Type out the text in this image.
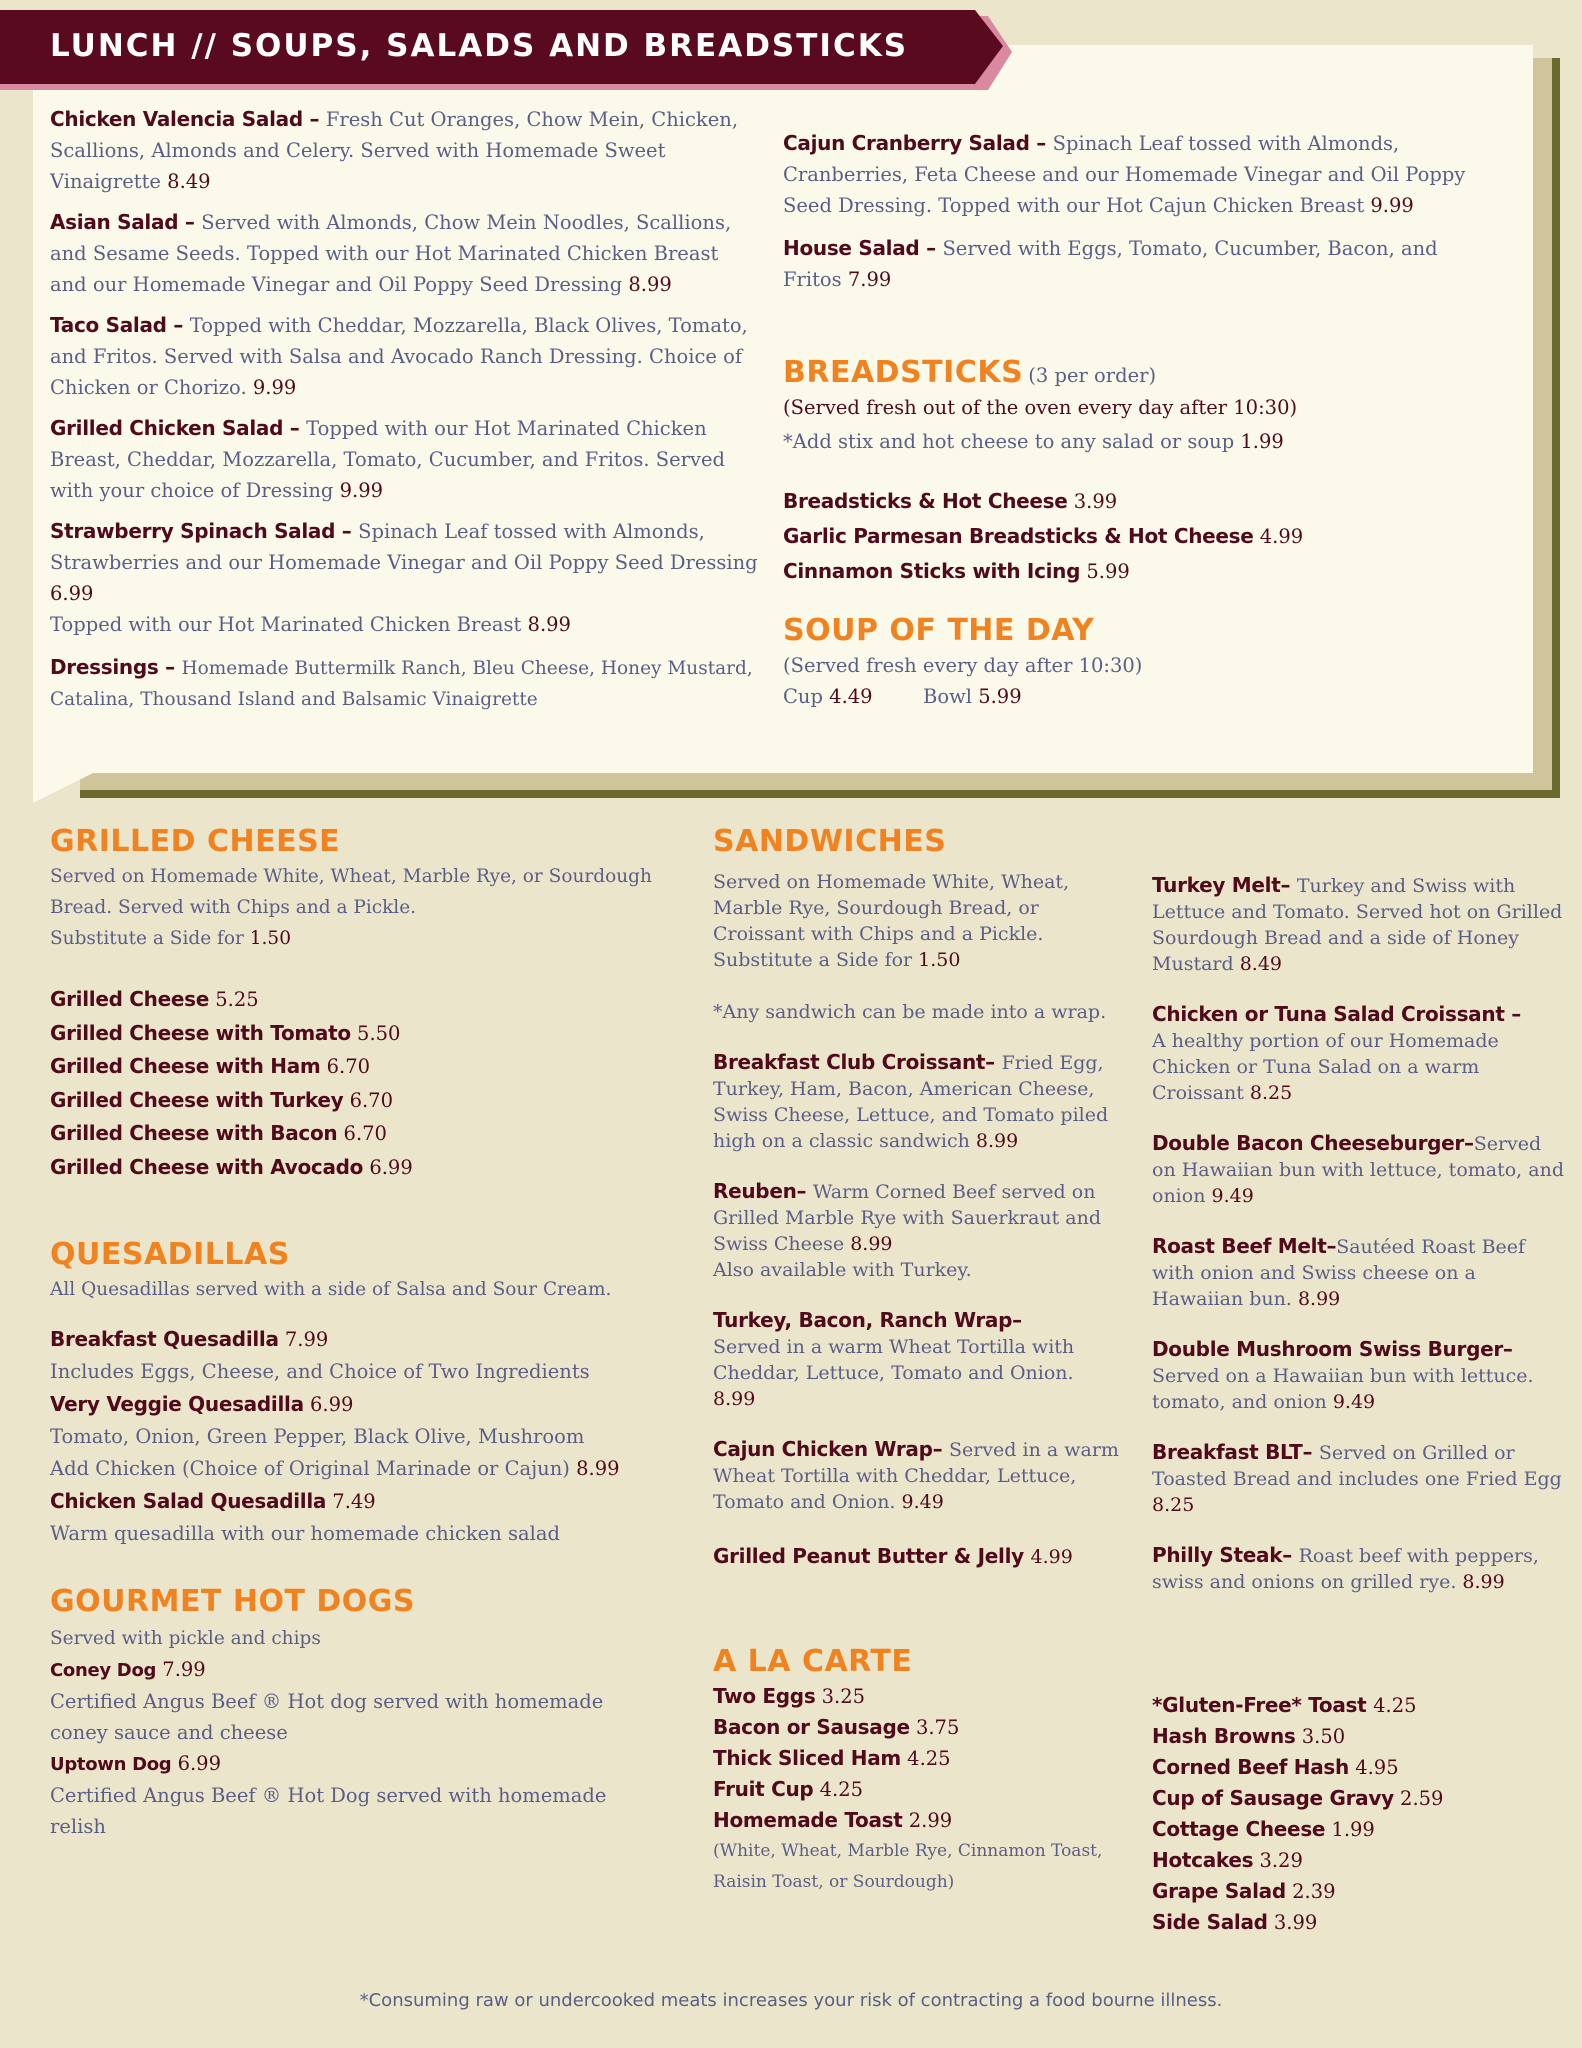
LUNCH // SOUPS, SALADS AND BREADSTICKS
Chicken Valencia Salad – Fresh Cut Oranges, Chow Mein, Chicken, Scallions, Almonds and Celery. Served with Homemade Sweet Vinaigrette 8.49
Asian Salad – Served with Almonds, Chow Mein Noodles, Scallions, and Sesame Seeds. Topped with our Hot Marinated Chicken Breast and our Homemade Vinegar and Oil Poppy Seed Dressing 8.99
Taco Salad – Topped with Cheddar, Mozzarella, Black Olives, Tomato, and Fritos. Served with Salsa and Avocado Ranch Dressing. Choice of Chicken or Chorizo. 9.99
Grilled Chicken Salad – Topped with our Hot Marinated Chicken Breast, Cheddar, Mozzarella, Tomato, Cucumber, and Fritos. Served with your choice of Dressing 9.99
Strawberry Spinach Salad – Spinach Leaf tossed with Almonds, Strawberries and our Homemade Vinegar and Oil Poppy Seed Dressing 6.99
Topped with our Hot Marinated Chicken Breast 8.99
Dressings – Homemade Buttermilk Ranch, Bleu Cheese, Honey Mustard, Catalina, Thousand Island and Balsamic Vinaigrette
Cajun Cranberry Salad – Spinach Leaf tossed with Almonds, Cranberries, Feta Cheese and our Homemade Vinegar and Oil Poppy Seed Dressing. Topped with our Hot Cajun Chicken Breast 9.99
House Salad – Served with Eggs, Tomato, Cucumber, Bacon, and Fritos 7.99
BREADSTICKS (3 per order)
(Served fresh out of the oven every day after 10:30)
*Add stix and hot cheese to any salad or soup 1.99
Breadsticks & Hot Cheese 3.99
Garlic Parmesan Breadsticks & Hot Cheese 4.99
Cinnamon Sticks with Icing 5.99
SOUP OF THE DAY
(Served fresh every day after 10:30)
Cup 4.49	Bowl 5.99
GRILLED CHEESE
Served on Homemade White, Wheat, Marble Rye, or Sourdough Bread. Served with Chips and a Pickle.
Substitute a Side for 1.50
Grilled Cheese 5.25
Grilled Cheese with Tomato 5.50
Grilled Cheese with Ham 6.70
Grilled Cheese with Turkey 6.70
Grilled Cheese with Bacon 6.70
Grilled Cheese with Avocado 6.99
QUESADILLAS
All Quesadillas served with a side of Salsa and Sour Cream.
Breakfast Quesadilla 7.99
Includes Eggs, Cheese, and Choice of Two Ingredients
Very Veggie Quesadilla 6.99
Tomato, Onion, Green Pepper, Black Olive, Mushroom
Add Chicken (Choice of Original Marinade or Cajun) 8.99
Chicken Salad Quesadilla 7.49
Warm quesadilla with our homemade chicken salad
GOURMET HOT DOGS
Served with pickle and chips
Coney Dog 7.99
Certified Angus Beef ® Hot dog served with homemade coney sauce and cheese
Uptown Dog 6.99
Certified Angus Beef ® Hot Dog served with homemade relish
SANDWICHES
Served on Homemade White, Wheat, Marble Rye, Sourdough Bread, or Croissant with Chips and a Pickle.
Substitute a Side for 1.50
*Any sandwich can be made into a wrap.
Breakfast Club Croissant– Fried Egg, Turkey, Ham, Bacon, American Cheese, Swiss Cheese, Lettuce, and Tomato piled high on a classic sandwich 8.99
Reuben– Warm Corned Beef served on Grilled Marble Rye with Sauerkraut and Swiss Cheese 8.99
Also available with Turkey.
Turkey, Bacon, Ranch Wrap–
Served in a warm Wheat Tortilla with Cheddar, Lettuce, Tomato and Onion.
8.99
Cajun Chicken Wrap– Served in a warm Wheat Tortilla with Cheddar, Lettuce, Tomato and Onion. 9.49
Grilled Peanut Butter & Jelly 4.99
Turkey Melt– Turkey and Swiss with Lettuce and Tomato. Served hot on Grilled Sourdough Bread and a side of Honey Mustard 8.49
Chicken or Tuna Salad Croissant –
A healthy portion of our Homemade Chicken or Tuna Salad on a warm Croissant 8.25
Double Bacon Cheeseburger–Served on Hawaiian bun with lettuce, tomato, and onion 9.49
Roast Beef Melt–Sautéed Roast Beef with onion and Swiss cheese on a Hawaiian bun. 8.99
Double Mushroom Swiss Burger–
Served on a Hawaiian bun with lettuce. tomato, and onion 9.49
Breakfast BLT– Served on Grilled or Toasted Bread and includes one Fried Egg 8.25
Philly Steak– Roast beef with peppers, swiss and onions on grilled rye. 8.99
A LA CARTE
Two Eggs 3.25
Bacon or Sausage 3.75
Thick Sliced Ham 4.25
Fruit Cup 4.25
Homemade Toast 2.99
(White, Wheat, Marble Rye, Cinnamon Toast, Raisin Toast, or Sourdough)
*Gluten-Free* Toast 4.25
Hash Browns 3.50
Corned Beef Hash 4.95
Cup of Sausage Gravy 2.59
Cottage Cheese 1.99
Hotcakes 3.29
Grape Salad 2.39
Side Salad 3.99
*Consuming raw or undercooked meats increases your risk of contracting a food bourne illness.
